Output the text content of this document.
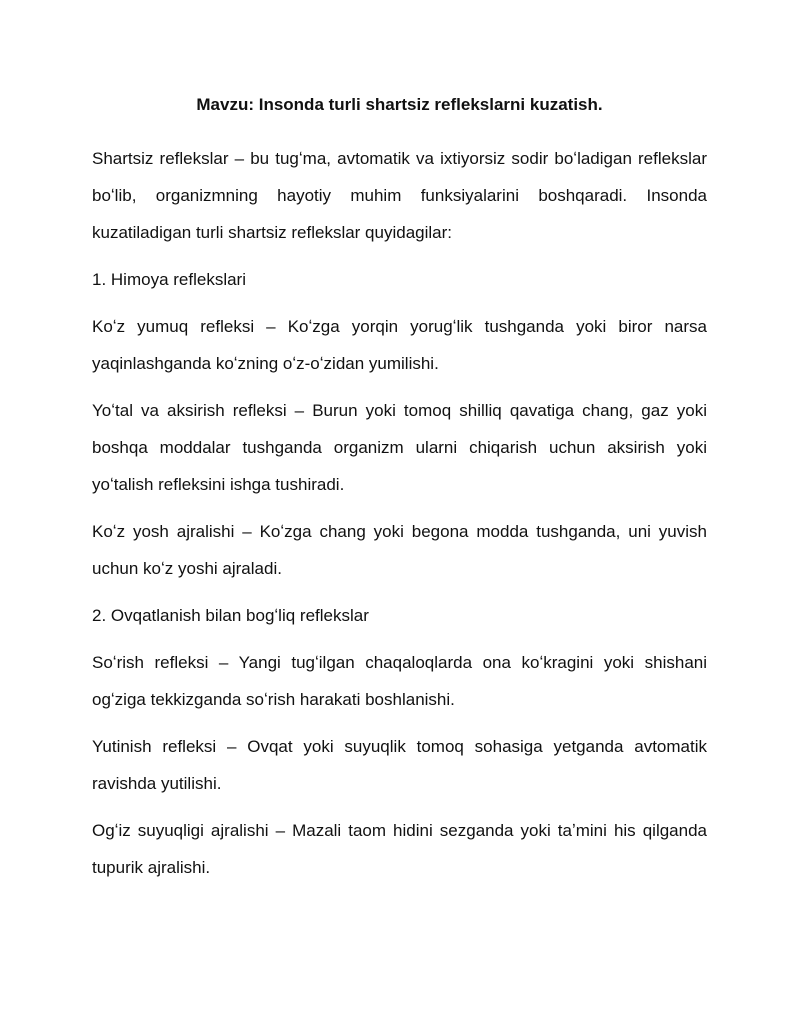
Mavzu: Insonda turli shartsiz reflekslarni kuzatish.

Shartsiz reflekslar – bu tugʻma, avtomatik va ixtiyorsiz sodir boʻladigan reflekslar boʻlib, organizmning hayotiy muhim funksiyalarini boshqaradi. Insonda kuzatiladigan turli shartsiz reflekslar quyidagilar:

1. Himoya reflekslari

Koʻz yumuq refleksi – Koʻzga yorqin yorugʻlik tushganda yoki biror narsa yaqinlashganda koʻzning oʻz-oʻzidan yumilishi.

Yoʻtal va aksirish refleksi – Burun yoki tomoq shilliq qavatiga chang, gaz yoki boshqa moddalar tushganda organizm ularni chiqarish uchun aksirish yoki yoʻtalish refleksini ishga tushiradi.

Koʻz yosh ajralishi – Koʻzga chang yoki begona modda tushganda, uni yuvish uchun koʻz yoshi ajraladi.

2. Ovqatlanish bilan bogʻliq reflekslar

Soʻrish refleksi – Yangi tugʻilgan chaqaloqlarda ona koʻkragini yoki shishani ogʻziga tekkizganda soʻrish harakati boshlanishi.

Yutinish refleksi – Ovqat yoki suyuqlik tomoq sohasiga yetganda avtomatik ravishda yutilishi.

Ogʻiz suyuqligi ajralishi – Mazali taom hidini sezganda yoki taʼmini his qilganda tupurik ajralishi.
